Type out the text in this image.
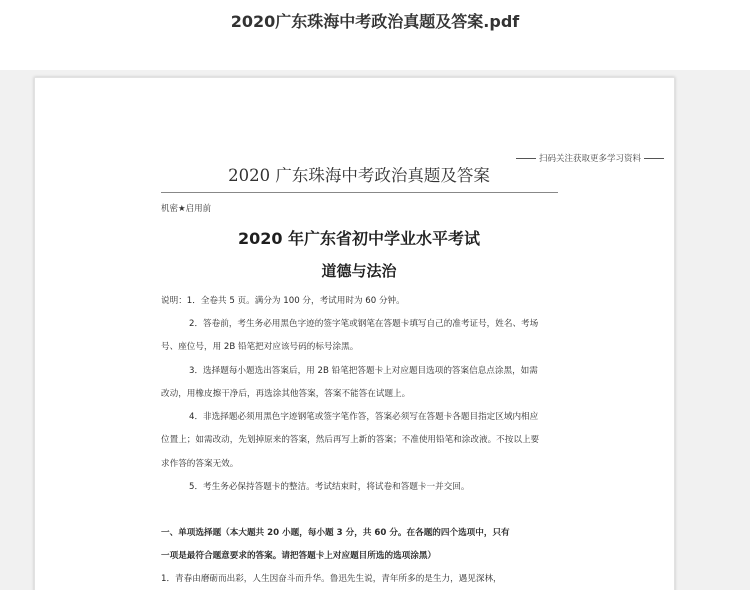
2020广东珠海中考政治真题及答案.pdf
扫码关注获取更多学习资料
2020 广东珠海中考政治真题及答案
机密★启用前
2020 年广东省初中学业水平考试
道德与法治
说明：1．全卷共 5 页。满分为 100 分，考试用时为 60 分钟。
2．答卷前，考生务必用黑色字迹的签字笔或钢笔在答题卡填写自己的准考证号，姓名、考场
号、座位号，用 2B 铅笔把对应该号码的标号涂黑。
3．选择题每小题选出答案后，用 2B 铅笔把答题卡上对应题目选项的答案信息点涂黑，如需
改动，用橡皮擦干净后，再选涂其他答案，答案不能答在试题上。
4．非选择题必须用黑色字迹钢笔或签字笔作答，答案必须写在答题卡各题目指定区域内相应
位置上；如需改动，先划掉原来的答案，然后再写上新的答案；不准使用铅笔和涂改液。不按以上要
求作答的答案无效。
5．考生务必保持答题卡的整洁。考试结束时，将试卷和答题卡一并交回。
一、单项选择题（本大题共 20 小题，每小题 3 分，共 60 分。在各题的四个选项中，只有
一项是最符合题意要求的答案。请把答题卡上对应题目所选的选项涂黑）
1．青春由磨砺而出彩，人生因奋斗而升华。鲁迅先生说，青年所多的是生力，遇见深林，
